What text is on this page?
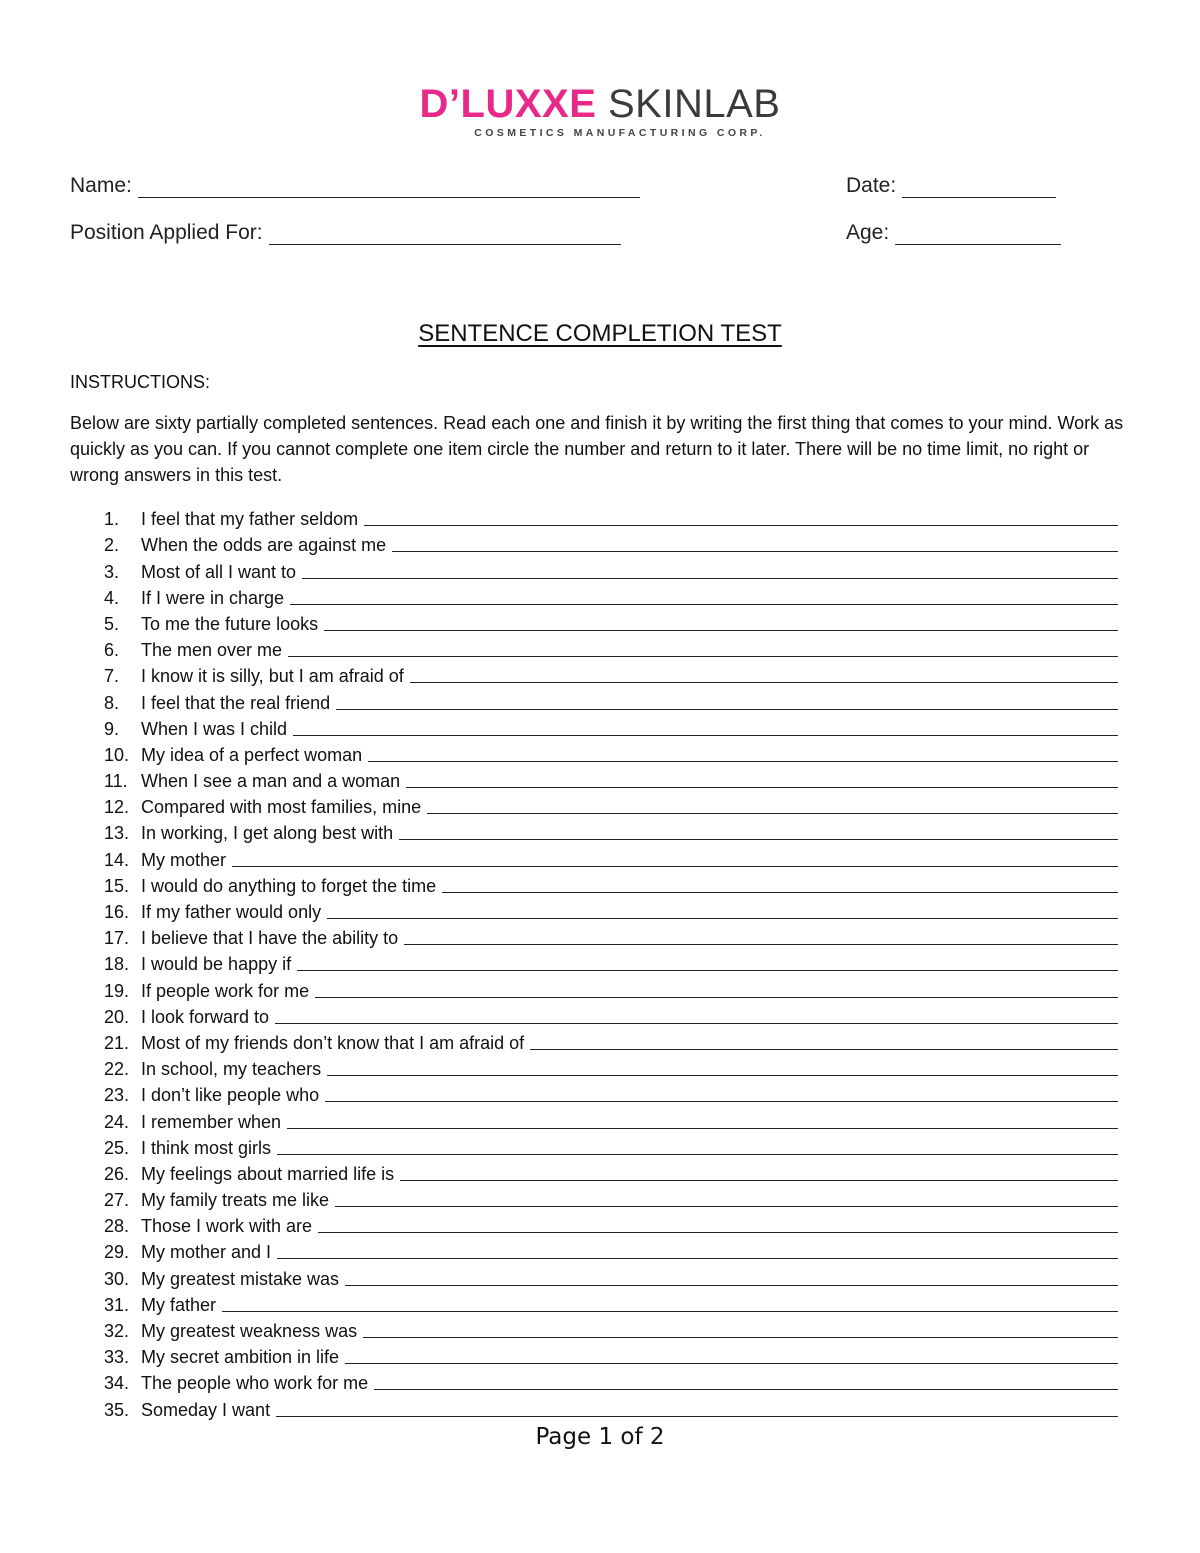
D’LUXXE SKINLAB
COSMETICS MANUFACTURING CORP.
Name:	Date:
Position Applied For:	Age:
SENTENCE COMPLETION TEST
INSTRUCTIONS:
Below are sixty partially completed sentences. Read each one and finish it by writing the first thing that comes to your mind. Work as quickly as you can. If you cannot complete one item circle the number and return to it later. There will be no time limit, no right or wrong answers in this test.
1.	I feel that my father seldom
2.	When the odds are against me
3.	Most of all I want to
4.	If I were in charge
5.	To me the future looks
6.	The men over me
7.	I know it is silly, but I am afraid of
8.	I feel that the real friend
9.	When I was I child
10. My idea of a perfect woman
11. When I see a man and a woman
12. Compared with most families, mine
13. In working, I get along best with
14. My mother
15. I would do anything to forget the time
16. If my father would only
17. I believe that I have the ability to
18. I would be happy if
19. If people work for me
20. I look forward to
21. Most of my friends don’t know that I am afraid of
22. In school, my teachers
23. I don’t like people who
24. I remember when
25. I think most girls
26. My feelings about married life is
27. My family treats me like
28. Those I work with are
29. My mother and I
30. My greatest mistake was
31. My father
32. My greatest weakness was
33. My secret ambition in life
34. The people who work for me
35. Someday I want
Page 1 of 2
